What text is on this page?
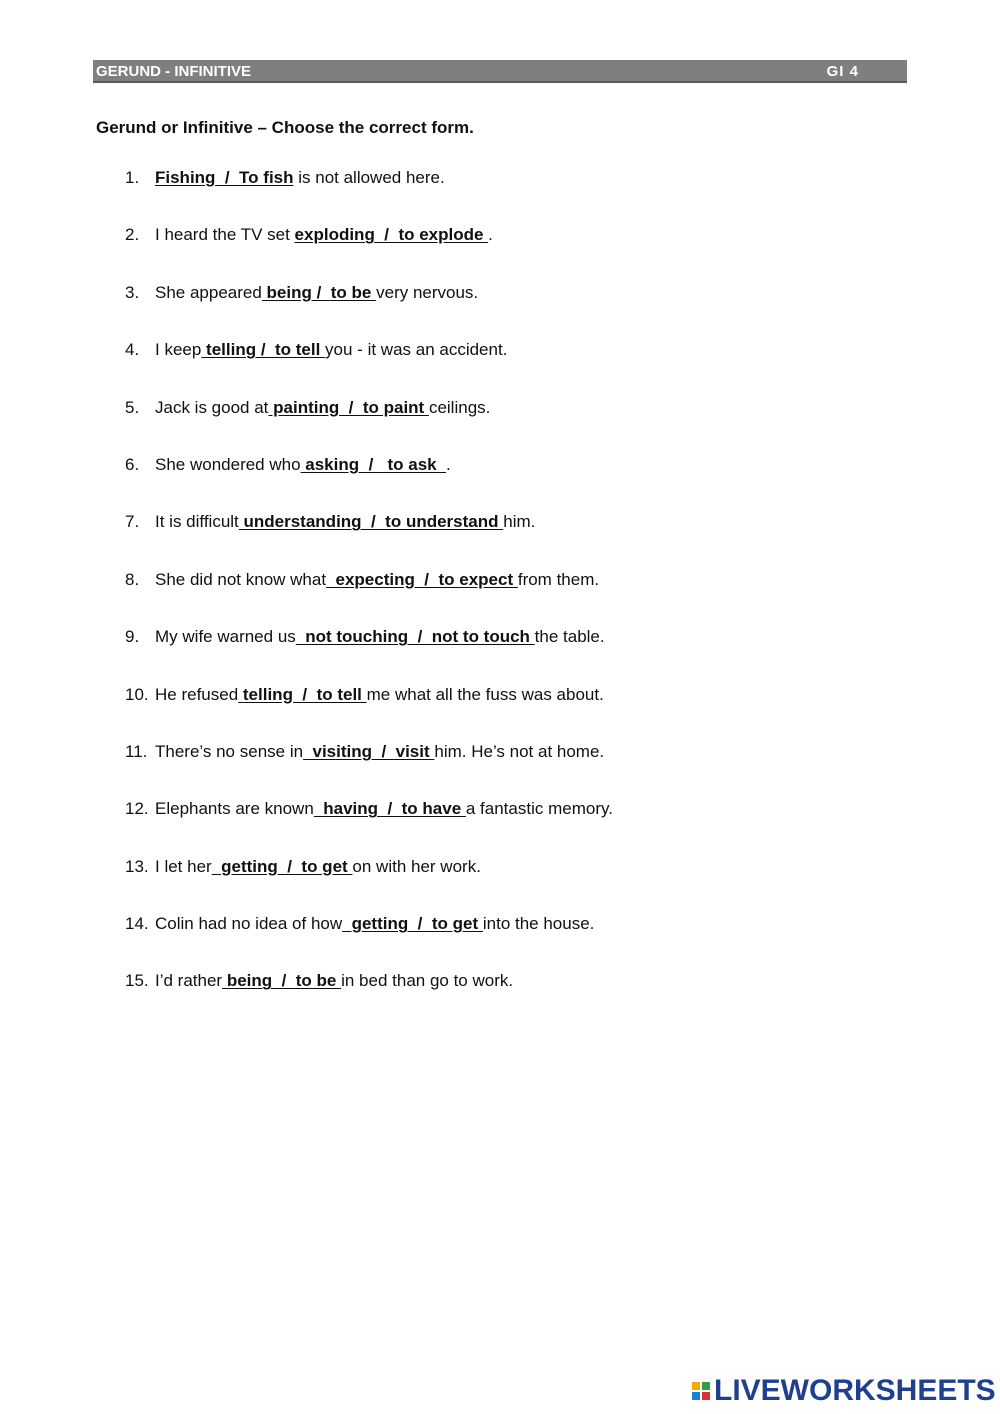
GERUND - INFINITIVE	GI 4
Gerund or Infinitive – Choose the correct form.
1. Fishing  /  To fish is not allowed here.
2. I heard the TV set exploding  /  to explode .
3. She appeared being /  to be very nervous.
4. I keep telling /  to tell you - it was an accident.
5. Jack is good at painting  /  to paint ceilings.
6. She wondered who asking  /   to ask  .
7. It is difficult understanding  /  to understand him.
8. She did not know what  expecting  /  to expect from them.
9. My wife warned us  not touching  /  not to touch the table.
10. He refused telling  /  to tell me what all the fuss was about.
11. There’s no sense in  visiting  /  visit him. He’s not at home.
12. Elephants are known  having  /  to have a fantastic memory.
13. I let her  getting  /  to get on with her work.
14. Colin had no idea of how  getting  /  to get into the house.
15. I’d rather being  /  to be in bed than go to work.
LIVEWORKSHEETS
